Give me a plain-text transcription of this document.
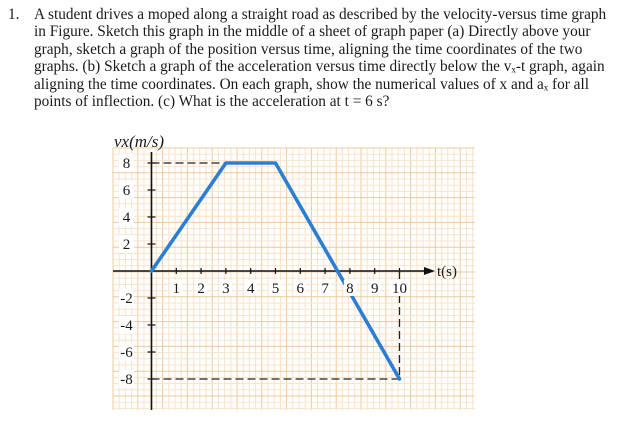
1. A student drives a moped along a straight road as described by the velocity-versus time graph
in Figure. Sketch this graph in the middle of a sheet of graph paper (a) Directly above your
graph, sketch a graph of the position versus time, aligning the time coordinates of the two
graphs. (b) Sketch a graph of the acceleration versus time directly below the vₓ-t graph, again
aligning the time coordinates. On each graph, show the numerical values of x and aₓ for all
points of inflection. (c) What is the acceleration at t = 6 s?
8
6
4
2
-2
-4
-6
-8
1 2 3 4 5 6 7 8 9 10
vx(m/s)
t(s)
